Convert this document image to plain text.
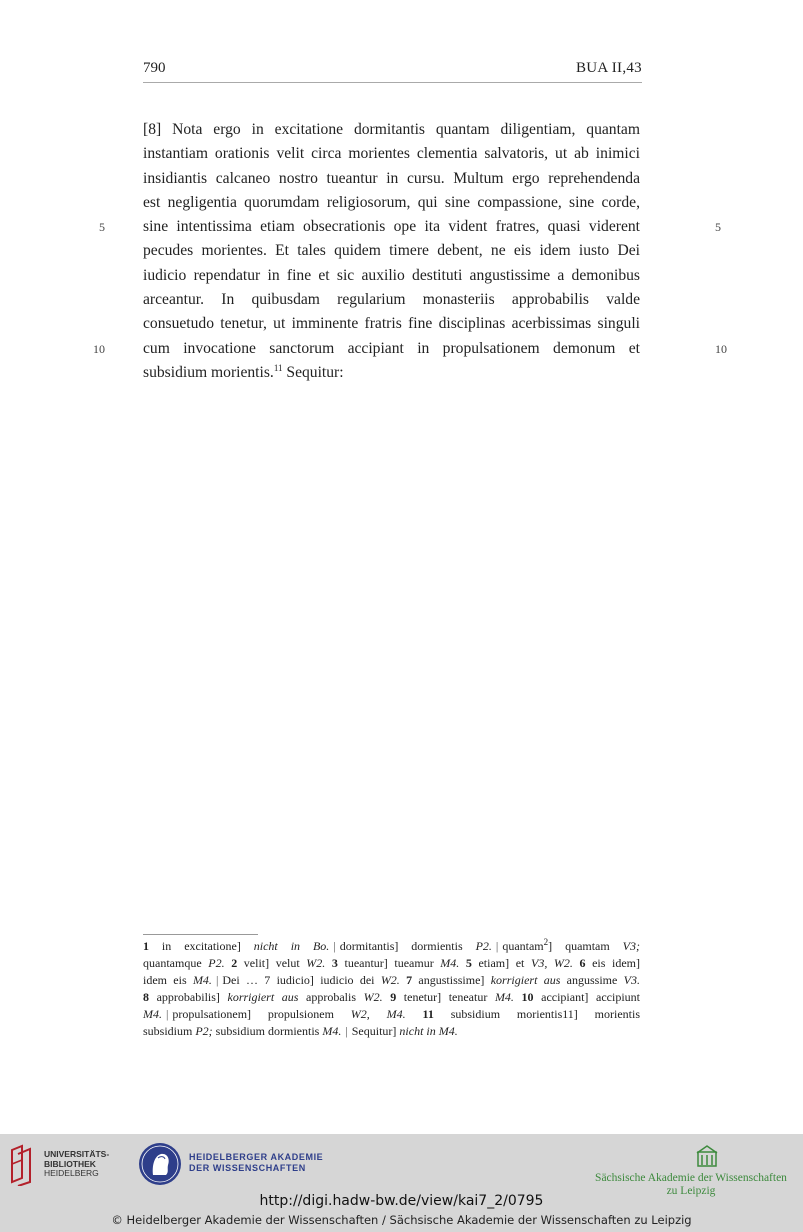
790	BUA II,43
[8] Nota ergo in excitatione dormitantis quantam diligentiam, quantam
instantiam orationis velit circa morientes clementia salvatoris, ut ab inimici
insidiantis calcaneo nostro tueantur in cursu. Multum ergo reprehendenda
est negligentia quorumdam religiosorum, qui sine compassione, sine corde,
sine intentissima etiam obsecrationis ope ita vident fratres, quasi viderent
pecudes morientes. Et tales quidem timere debent, ne eis idem iusto Dei
iudicio rependatur in fine et sic auxilio destituti angustissime a demonibus
arceantur. In quibusdam regularium monasteriis approbabilis valde
consuetudo tenetur, ut imminente fratris fine disciplinas acerbissimas singuli
cum invocatione sanctorum accipiant in propulsationem demonum et
subsidium morientis.$^{11}$ Sequitur:
5	5
10	10
1 in excitatione] nicht in Bo. | dormitantis] dormientis P2. | quantam$^2$] quamtam V3;
quantamque P2. 2 velit] velut W2. 3 tueantur] tueamur M4. 5 etiam] et V3, W2. 6 eis idem]
idem eis M4. | Dei … 7 iudicio] iudicio dei W2. 7 angustissime] korrigiert aus angussime V3.
8 approbabilis] korrigiert aus approbalis W2. 9 tenetur] teneatur M4. 10 accipiant] accipiunt
M4. | propulsationem] propulsionem W2, M4. 11 subsidium morientis11] morientis
subsidium P2; subsidium dormientis M4. | Sequitur] nicht in M4.
UNIVERSITÄTS-
BIBLIOTHEK
HEIDELBERG
HEIDELBERGER AKADEMIE
DER WISSENSCHAFTEN
Sächsische Akademie der Wissenschaften
zu Leipzig
http://digi.hadw-bw.de/view/kai7_2/0795
© Heidelberger Akademie der Wissenschaften / Sächsische Akademie der Wissenschaften zu Leipzig
